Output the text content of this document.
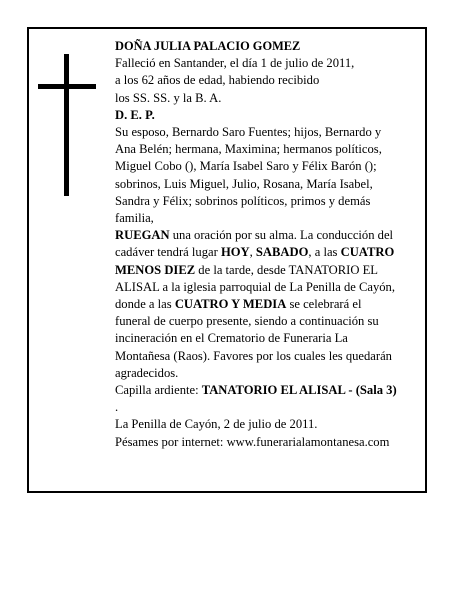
DOÑA JULIA PALACIO GOMEZ
Falleció en Santander, el día 1 de julio de 2011,
a los 62 años de edad, habiendo recibido
los SS. SS. y la B. A.
D. E. P.
Su esposo, Bernardo Saro Fuentes; hijos, Bernardo y
Ana Belén; hermana, Maximina; hermanos políticos,
Miguel Cobo (), María Isabel Saro y Félix Barón ();
sobrinos, Luis Miguel, Julio, Rosana, María Isabel,
Sandra y Félix; sobrinos políticos, primos y demás
familia,
RUEGAN una oración por su alma. La conducción del
cadáver tendrá lugar HOY, SABADO, a las CUATRO
MENOS DIEZ de la tarde, desde TANATORIO EL
ALISAL a la iglesia parroquial de La Penilla de Cayón,
donde a las CUATRO Y MEDIA se celebrará el
funeral de cuerpo presente, siendo a continuación su
incineración en el Crematorio de Funeraria La
Montañesa (Raos). Favores por los cuales les quedarán
agradecidos.
Capilla ardiente: TANATORIO EL ALISAL - (Sala 3)
.
La Penilla de Cayón, 2 de julio de 2011.
Pésames por internet: www.funerarialamontanesa.com
